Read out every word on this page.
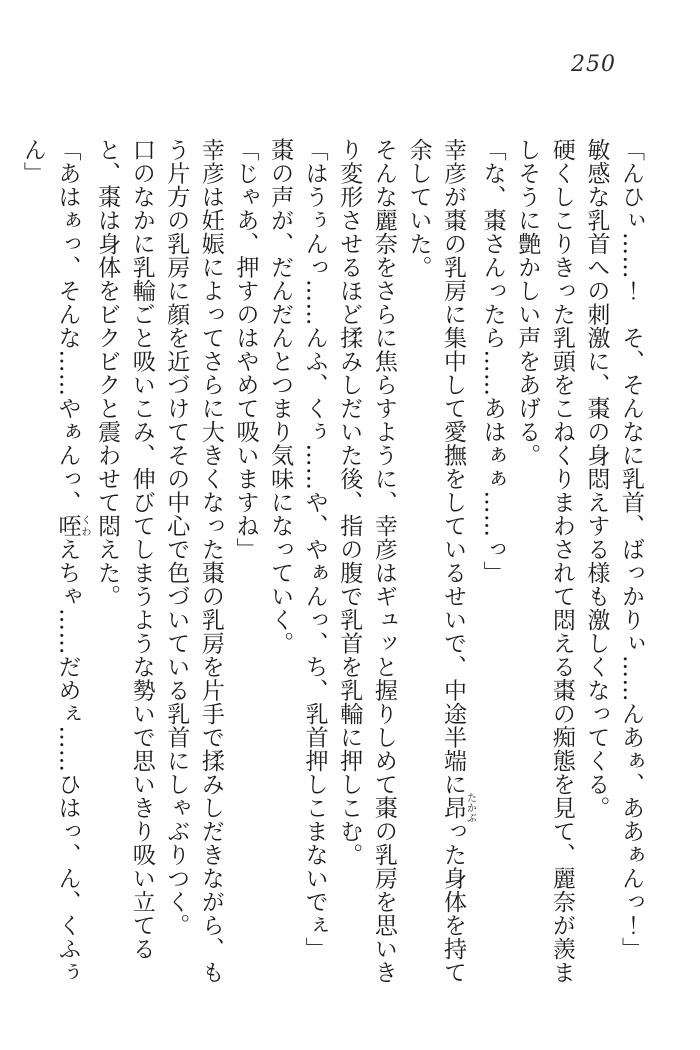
250

「んひぃ……！　そ、そんなに乳首、ばっかりぃ……んあぁ、ああぁんっ！」

敏感な乳首への刺激に、棗の身悶えする様も激しくなってくる。

硬くしこりきった乳頭をこねくりまわされて悶える棗の痴態を見て、麗奈が羨ましそうに艶かしい声をあげる。

「な、棗さんったら……あはぁぁ……っ」

幸彦が棗の乳房に集中して愛撫をしているせいで、中途半端に昂たかぶった身体を持て余していた。

そんな麗奈をさらに焦らすように、幸彦はギュッと握りしめて棗の乳房を思いきり変形させるほど揉みしだいた後、指の腹で乳首を乳輪に押しこむ。

「はうぅんっ……んふ、くぅ……や、やぁんっ、ち、乳首押しこまないでぇ」

棗の声が、だんだんとつまり気味になっていく。

「じゃあ、押すのはやめて吸いますね」

幸彦は妊娠によってさらに大きくなった棗の乳房を片手で揉みしだきながら、もう片方の乳房に顔を近づけてその中心で色づいている乳首にしゃぶりつく。

口のなかに乳輪ごと吸いこみ、伸びてしまうような勢いで思いきり吸い立てると、棗は身体をビクビクと震わせて悶えた。

「あはぁっ、そんな……やぁんっ、咥くわえちゃ……だめぇ……ひはっ、ん、くふぅん」
